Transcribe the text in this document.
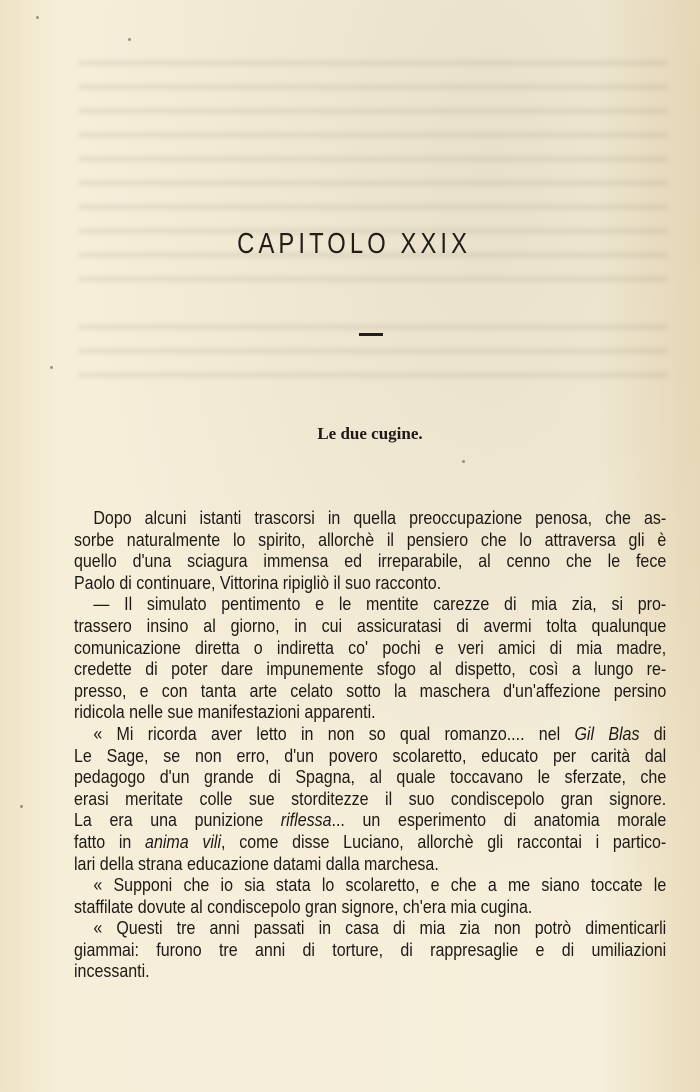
CAPITOLO XXIX
Le due cugine.
Dopo alcuni istanti trascorsi in quella preoccupazione penosa, che as-
sorbe naturalmente lo spirito, allorchè il pensiero che lo attraversa gli è
quello d'una sciagura immensa ed irreparabile, al cenno che le fece
Paolo di continuare, Vittorina ripigliò il suo racconto.
— Il simulato pentimento e le mentite carezze di mia zia, si pro-
trassero insino al giorno, in cui assicuratasi di avermi tolta qualunque
comunicazione diretta o indiretta co' pochi e veri amici di mia madre,
credette di poter dare impunemente sfogo al dispetto, così a lungo re-
presso, e con tanta arte celato sotto la maschera d'un'affezione persino
ridicola nelle sue manifestazioni apparenti.
« Mi ricorda aver letto in non so qual romanzo.... nel Gil Blas di
Le Sage, se non erro, d'un povero scolaretto, educato per carità dal
pedagogo d'un grande di Spagna, al quale toccavano le sferzate, che
erasi meritate colle sue storditezze il suo condiscepolo gran signore.
La era una punizione riflessa... un esperimento di anatomia morale
fatto in anima vili, come disse Luciano, allorchè gli raccontai i partico-
lari della strana educazione datami dalla marchesa.
« Supponi che io sia stata lo scolaretto, e che a me siano toccate le
staffilate dovute al condiscepolo gran signore, ch'era mia cugina.
« Questi tre anni passati in casa di mia zia non potrò dimenticarli
giammai: furono tre anni di torture, di rappresaglie e di umiliazioni
incessanti.
